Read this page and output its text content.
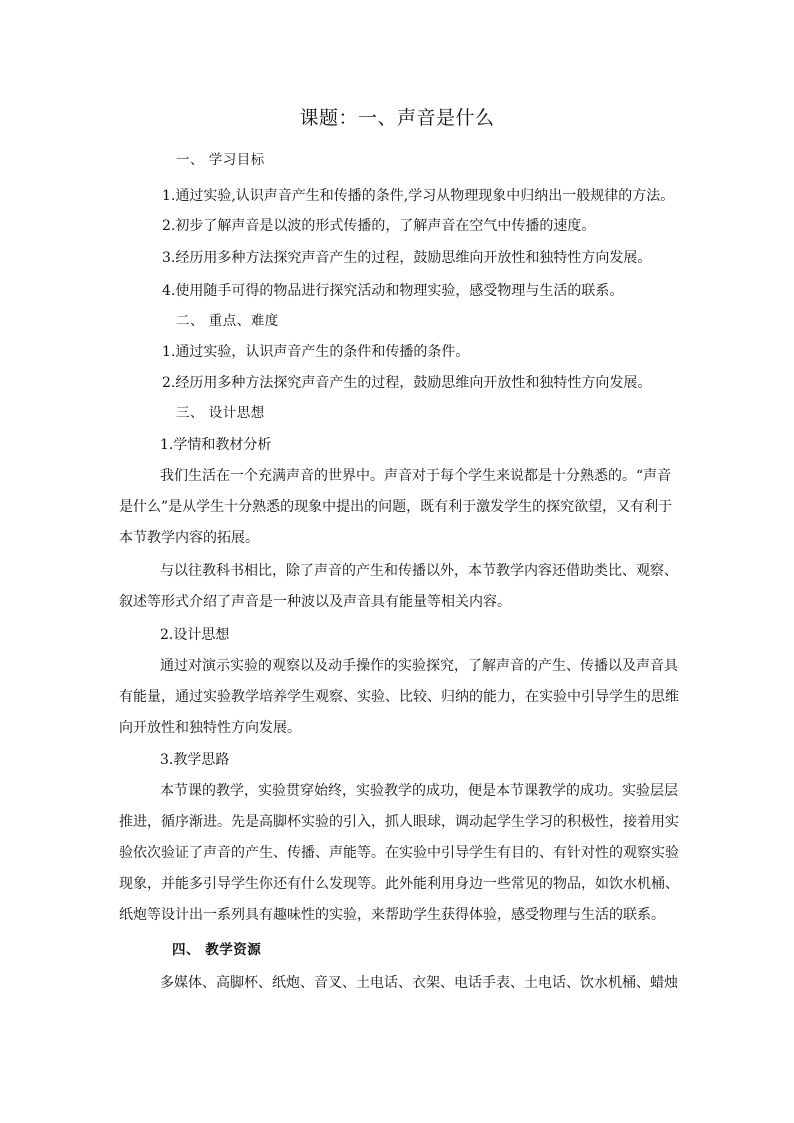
课题：一、声音是什么
一、 学习目标
1.通过实验,认识声音产生和传播的条件,学习从物理现象中归纳出一般规律的方法。
2.初步了解声音是以波的形式传播的，了解声音在空气中传播的速度。
3.经历用多种方法探究声音产生的过程，鼓励思维向开放性和独特性方向发展。
4.使用随手可得的物品进行探究活动和物理实验，感受物理与生活的联系。
二、 重点、难度
1.通过实验，认识声音产生的条件和传播的条件。
2.经历用多种方法探究声音产生的过程，鼓励思维向开放性和独特性方向发展。
三、 设计思想
1.学情和教材分析
我们生活在一个充满声音的世界中。声音对于每个学生来说都是十分熟悉的。“声音
是什么”是从学生十分熟悉的现象中提出的问题，既有利于激发学生的探究欲望，又有利于
本节教学内容的拓展。
与以往教科书相比，除了声音的产生和传播以外，本节教学内容还借助类比、观察、
叙述等形式介绍了声音是一种波以及声音具有能量等相关内容。
2.设计思想
通过对演示实验的观察以及动手操作的实验探究，了解声音的产生、传播以及声音具
有能量，通过实验教学培养学生观察、实验、比较、归纳的能力，在实验中引导学生的思维
向开放性和独特性方向发展。
3.教学思路
本节课的教学，实验贯穿始终，实验教学的成功，便是本节课教学的成功。实验层层
推进，循序渐进。先是高脚杯实验的引入，抓人眼球，调动起学生学习的积极性，接着用实
验依次验证了声音的产生、传播、声能等。在实验中引导学生有目的、有针对性的观察实验
现象，并能多引导学生你还有什么发现等。此外能利用身边一些常见的物品，如饮水机桶、
纸炮等设计出一系列具有趣味性的实验，来帮助学生获得体验，感受物理与生活的联系。
四、 教学资源
多媒体、高脚杯、纸炮、音叉、土电话、衣架、电话手表、土电话、饮水机桶、蜡烛
